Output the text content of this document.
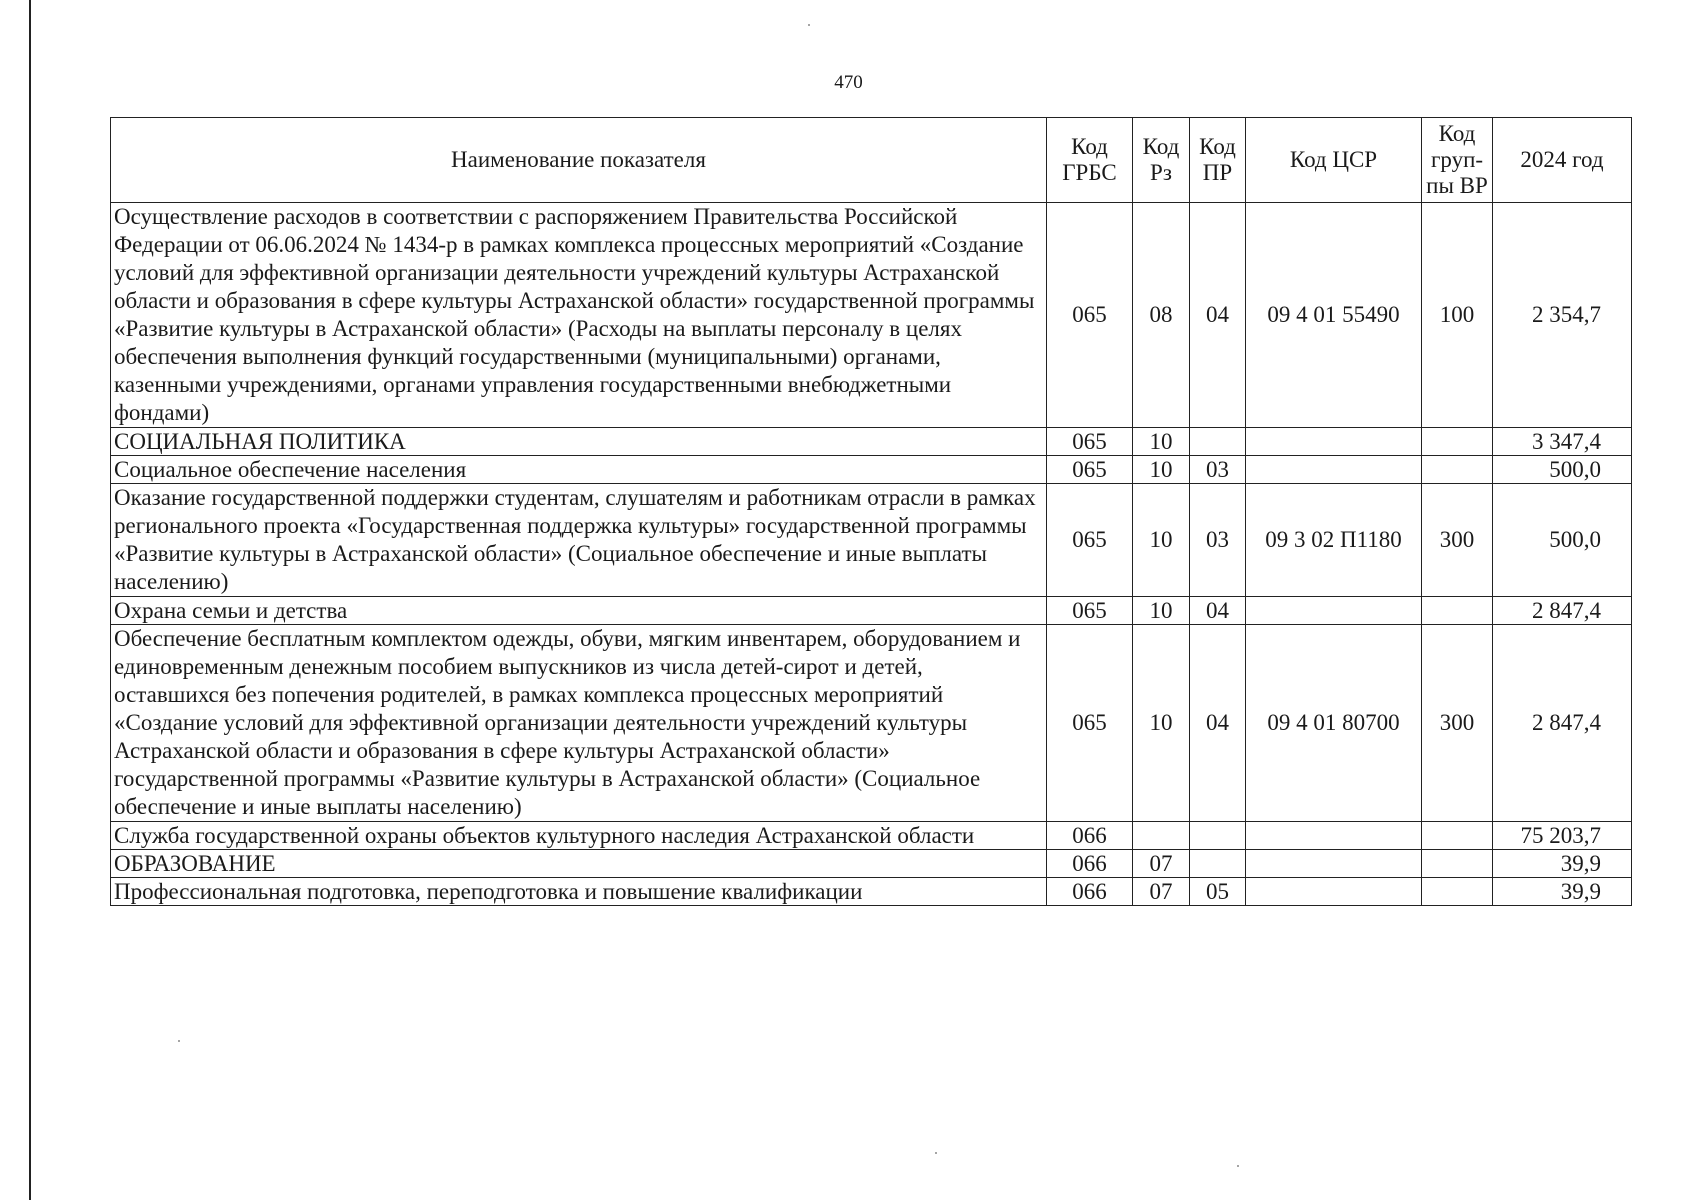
470
Наименование показателя	Код ГРБС	Код Рз	Код ПР	Код ЦСР	Код груп-пы ВР	2024 год
Осуществление расходов в соответствии с распоряжением Правительства Российской Федерации от 06.06.2024 № 1434-р в рамках комплекса процессных мероприятий «Создание условий для эффективной организации деятельности учреждений культуры Астраханской области и образования в сфере культуры Астраханской области» государственной программы «Развитие культуры в Астраханской области» (Расходы на выплаты персоналу в целях обеспечения выполнения функций государственными (муниципальными) органами, казенными учреждениями, органами управления государственными внебюджетными фондами)	065	08	04	09 4 01 55490	100	2 354,7
СОЦИАЛЬНАЯ ПОЛИТИКА	065	10				3 347,4
Социальное обеспечение населения	065	10	03			500,0
Оказание государственной поддержки студентам, слушателям и работникам отрасли в рамках регионального проекта «Государственная поддержка культуры» государственной программы «Развитие культуры в Астраханской области» (Социальное обеспечение и иные выплаты населению)	065	10	03	09 3 02 П1180	300	500,0
Охрана семьи и детства	065	10	04			2 847,4
Обеспечение бесплатным комплектом одежды, обуви, мягким инвентарем, оборудованием и единовременным денежным пособием выпускников из числа детей-сирот и детей, оставшихся без попечения родителей, в рамках комплекса процессных мероприятий «Создание условий для эффективной организации деятельности учреждений культуры Астраханской области и образования в сфере культуры Астраханской области» государственной программы «Развитие культуры в Астраханской области» (Социальное обеспечение и иные выплаты населению)	065	10	04	09 4 01 80700	300	2 847,4
Служба государственной охраны объектов культурного наследия Астраханской области	066					75 203,7
ОБРАЗОВАНИЕ	066	07				39,9
Профессиональная подготовка, переподготовка и повышение квалификации	066	07	05			39,9
